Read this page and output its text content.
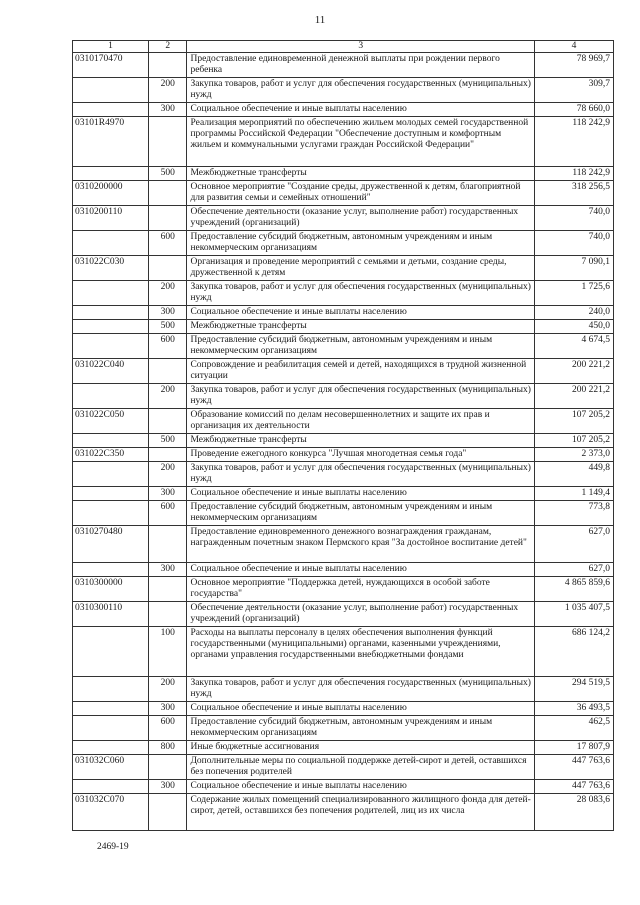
11
1	2	3	4
0310170470		Предоставление единовременной денежной выплаты при рождении первого ребенка	78 969,7
	200	Закупка товаров, работ и услуг для обеспечения государственных (муниципальных) нужд	309,7
	300	Социальное обеспечение и иные выплаты населению	78 660,0
03101R4970		Реализация мероприятий по обеспечению жильем молодых семей государственной программы Российской Федерации "Обеспечение доступным и комфортным жильем и коммунальными услугами граждан Российской Федерации"	118 242,9
	500	Межбюджетные трансферты	118 242,9
0310200000		Основное мероприятие "Создание среды, дружественной к детям, благоприятной для развития семьи и семейных отношений"	318 256,5
0310200110		Обеспечение деятельности (оказание услуг, выполнение работ) государственных учреждений (организаций)	740,0
	600	Предоставление субсидий бюджетным, автономным учреждениям и иным некоммерческим организациям	740,0
031022С030		Организация и проведение мероприятий с семьями и детьми, создание среды, дружественной к детям	7 090,1
	200	Закупка товаров, работ и услуг для обеспечения государственных (муниципальных) нужд	1 725,6
	300	Социальное обеспечение и иные выплаты населению	240,0
	500	Межбюджетные трансферты	450,0
	600	Предоставление субсидий бюджетным, автономным учреждениям и иным некоммерческим организациям	4 674,5
031022С040		Сопровождение и реабилитация семей и детей, находящихся в трудной жизненной ситуации	200 221,2
	200	Закупка товаров, работ и услуг для обеспечения государственных (муниципальных) нужд	200 221,2
031022С050		Образование комиссий по делам несовершеннолетних и защите их прав и организация их деятельности	107 205,2
	500	Межбюджетные трансферты	107 205,2
031022С350		Проведение ежегодного конкурса "Лучшая многодетная семья года"	2 373,0
	200	Закупка товаров, работ и услуг для обеспечения государственных (муниципальных) нужд	449,8
	300	Социальное обеспечение и иные выплаты населению	1 149,4
	600	Предоставление субсидий бюджетным, автономным учреждениям и иным некоммерческим организациям	773,8
0310270480		Предоставление единовременного денежного вознаграждения гражданам, награжденным почетным знаком Пермского края "За достойное воспитание детей"	627,0
	300	Социальное обеспечение и иные выплаты населению	627,0
0310300000		Основное мероприятие "Поддержка детей, нуждающихся в особой заботе государства"	4 865 859,6
0310300110		Обеспечение деятельности (оказание услуг, выполнение работ) государственных учреждений (организаций)	1 035 407,5
	100	Расходы на выплаты персоналу в целях обеспечения выполнения функций государственными (муниципальными) органами, казенными учреждениями, органами управления государственными внебюджетными фондами	686 124,2
	200	Закупка товаров, работ и услуг для обеспечения государственных (муниципальных) нужд	294 519,5
	300	Социальное обеспечение и иные выплаты населению	36 493,5
	600	Предоставление субсидий бюджетным, автономным учреждениям и иным некоммерческим организациям	462,5
	800	Иные бюджетные ассигнования	17 807,9
031032С060		Дополнительные меры по социальной поддержке детей-сирот и детей, оставшихся без попечения родителей	447 763,6
	300	Социальное обеспечение и иные выплаты населению	447 763,6
031032С070		Содержание жилых помещений специализированного жилищного фонда для детей-сирот, детей, оставшихся без попечения родителей, лиц из их числа	28 083,6
2469-19
